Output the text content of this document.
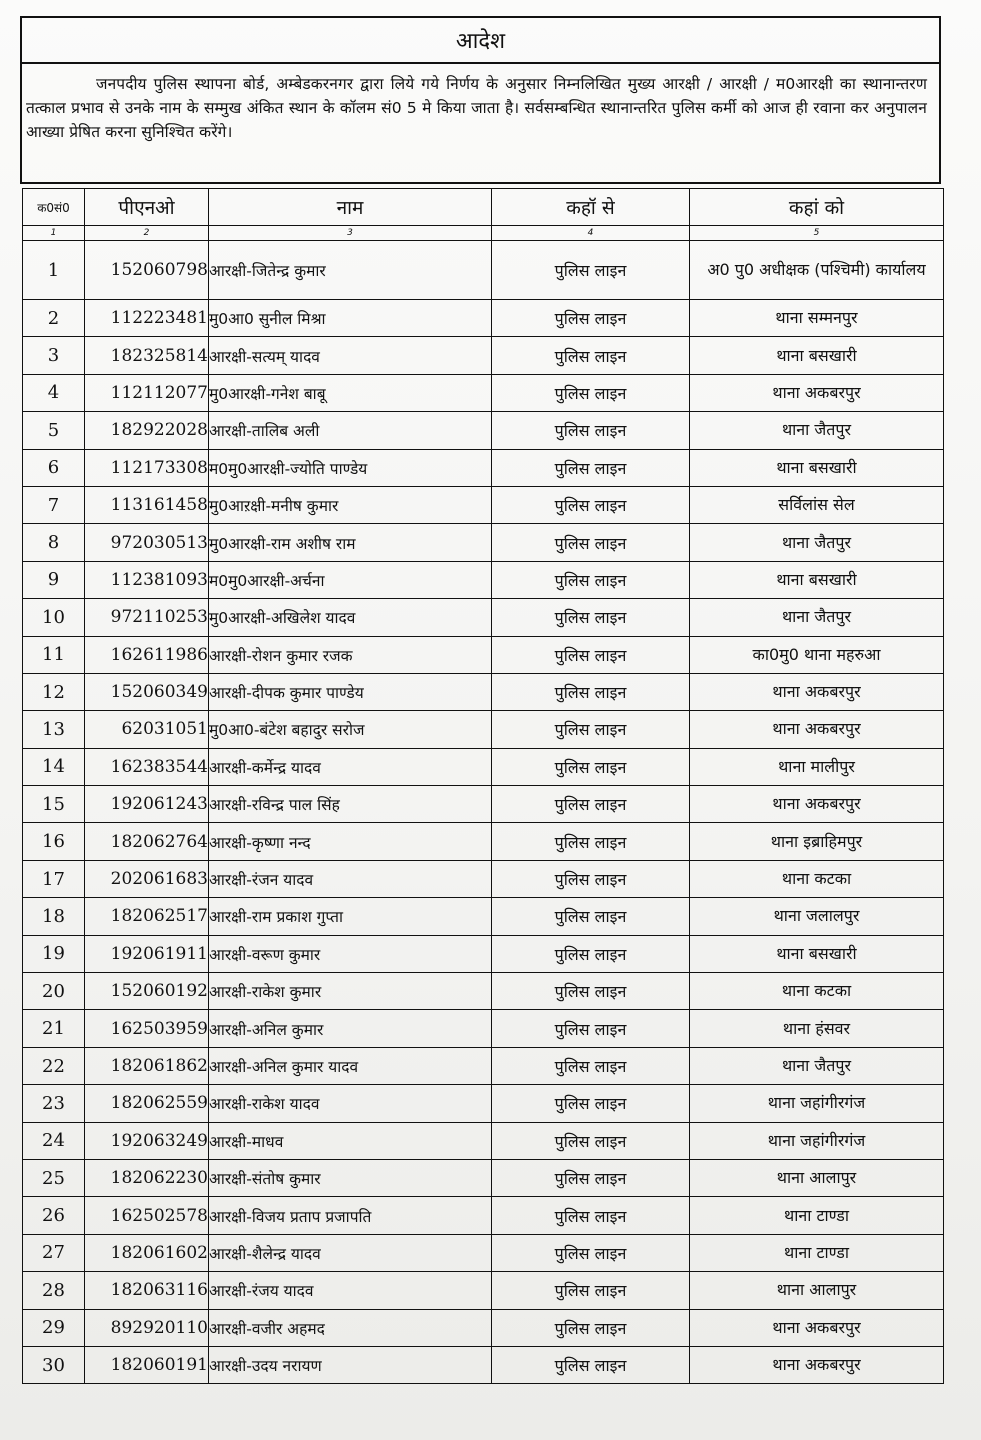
आदेश
जनपदीय पुलिस स्थापना बोर्ड, अम्बेडकरनगर द्वारा लिये गये निर्णय के अनुसार निम्नलिखित मुख्य आरक्षी / आरक्षी / म0आरक्षी का स्थानान्तरण तत्काल प्रभाव से उनके नाम के सम्मुख अंकित स्थान के कॉलम सं0 5 मे किया जाता है। सर्वसम्बन्धित स्थानान्तरित पुलिस कर्मी को आज ही रवाना कर अनुपालन आख्या प्रेषित करना सुनिश्चित करेंगे।
क0सं0	पीएनओ	नाम	कहॉ से	कहां को
1	2	3	4	5
1	152060798	आरक्षी-जितेन्द्र कुमार	पुलिस लाइन	अ0 पु0 अधीक्षक (पश्चिमी) कार्यालय
2	112223481	मु0आ0 सुनील मिश्रा	पुलिस लाइन	थाना सम्मनपुर
3	182325814	आरक्षी-सत्यम् यादव	पुलिस लाइन	थाना बसखारी
4	112112077	मु0आरक्षी-गनेश बाबू	पुलिस लाइन	थाना अकबरपुर
5	182922028	आरक्षी-तालिब अली	पुलिस लाइन	थाना जैतपुर
6	112173308	म0मु0आरक्षी-ज्योति पाण्डेय	पुलिस लाइन	थाना बसखारी
7	113161458	मु0आऱक्षी-मनीष कुमार	पुलिस लाइन	सर्विलांस सेल
8	972030513	मु0आरक्षी-राम अशीष राम	पुलिस लाइन	थाना जैतपुर
9	112381093	म0मु0आरक्षी-अर्चना	पुलिस लाइन	थाना बसखारी
10	972110253	मु0आरक्षी-अखिलेश यादव	पुलिस लाइन	थाना जैतपुर
11	162611986	आरक्षी-रोशन कुमार रजक	पुलिस लाइन	का0मु0 थाना महरुआ
12	152060349	आरक्षी-दीपक कुमार पाण्डेय	पुलिस लाइन	थाना अकबरपुर
13	62031051	मु0आ0-बंटेश बहादुर सरोज	पुलिस लाइन	थाना अकबरपुर
14	162383544	आरक्षी-कर्मेन्द्र यादव	पुलिस लाइन	थाना मालीपुर
15	192061243	आरक्षी-रविन्द्र पाल सिंह	पुलिस लाइन	थाना अकबरपुर
16	182062764	आरक्षी-कृष्णा नन्द	पुलिस लाइन	थाना इब्राहिमपुर
17	202061683	आरक्षी-रंजन यादव	पुलिस लाइन	थाना कटका
18	182062517	आरक्षी-राम प्रकाश गुप्ता	पुलिस लाइन	थाना जलालपुर
19	192061911	आरक्षी-वरूण कुमार	पुलिस लाइन	थाना बसखारी
20	152060192	आरक्षी-राकेश कुमार	पुलिस लाइन	थाना कटका
21	162503959	आरक्षी-अनिल कुमार	पुलिस लाइन	थाना हंसवर
22	182061862	आरक्षी-अनिल कुमार यादव	पुलिस लाइन	थाना जैतपुर
23	182062559	आरक्षी-राकेश यादव	पुलिस लाइन	थाना जहांगीरगंज
24	192063249	आरक्षी-माधव	पुलिस लाइन	थाना जहांगीरगंज
25	182062230	आरक्षी-संतोष कुमार	पुलिस लाइन	थाना आलापुर
26	162502578	आरक्षी-विजय प्रताप प्रजापति	पुलिस लाइन	थाना टाण्डा
27	182061602	आरक्षी-शैलेन्द्र यादव	पुलिस लाइन	थाना टाण्डा
28	182063116	आरक्षी-रंजय यादव	पुलिस लाइन	थाना आलापुर
29	892920110	आरक्षी-वजीर अहमद	पुलिस लाइन	थाना अकबरपुर
30	182060191	आरक्षी-उदय नरायण	पुलिस लाइन	थाना अकबरपुर
